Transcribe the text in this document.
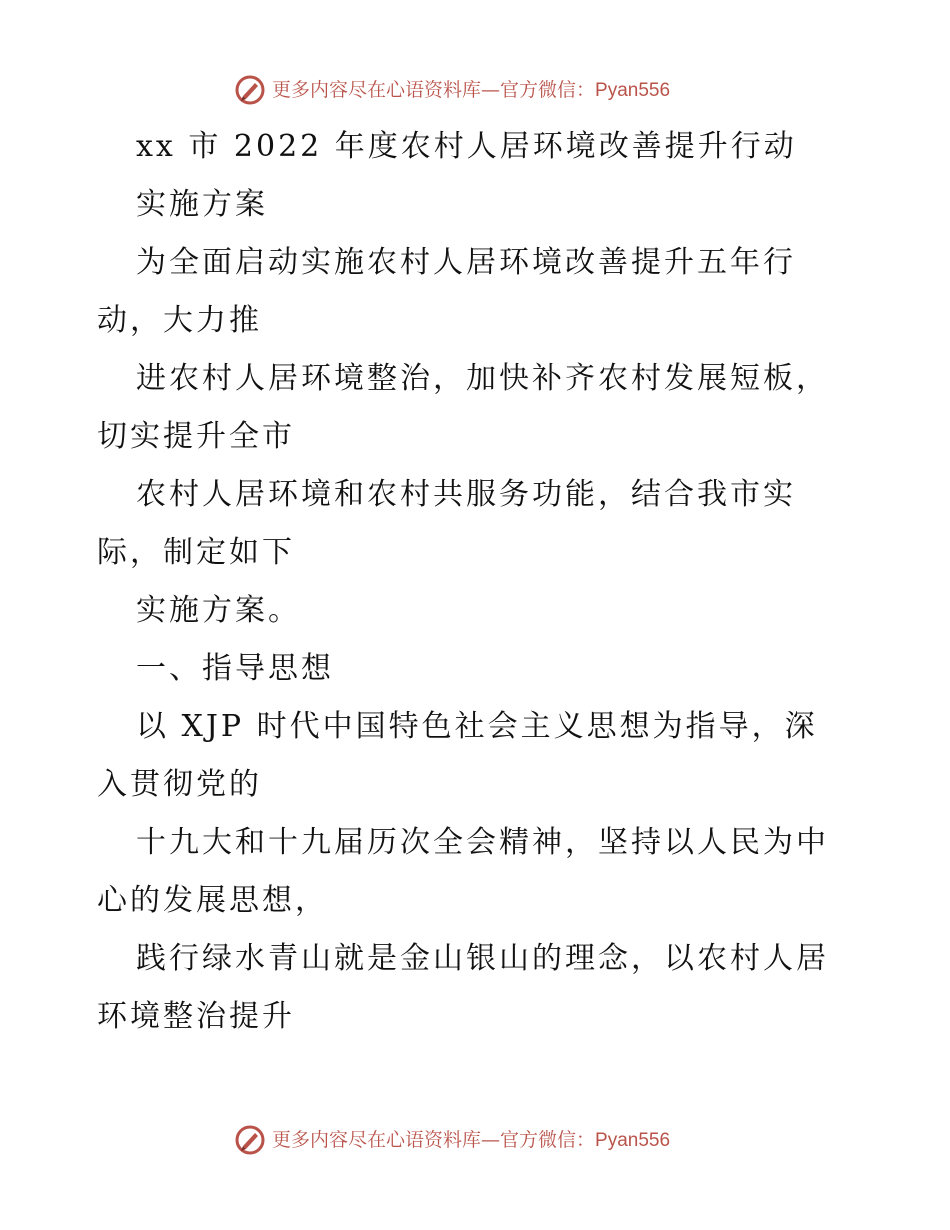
更多内容尽在心语资料库—官方微信：Pyan556
xx 市 2022 年度农村人居环境改善提升行动
实施方案
为全面启动实施农村人居环境改善提升五年行
动，大力推
进农村人居环境整治，加快补齐农村发展短板，
切实提升全市
农村人居环境和农村共服务功能，结合我市实
际，制定如下
实施方案。
一、指导思想
以 XJP 时代中国特色社会主义思想为指导，深
入贯彻党的
十九大和十九届历次全会精神，坚持以人民为中
心的发展思想，
践行绿水青山就是金山银山的理念，以农村人居
环境整治提升
更多内容尽在心语资料库—官方微信：Pyan556
